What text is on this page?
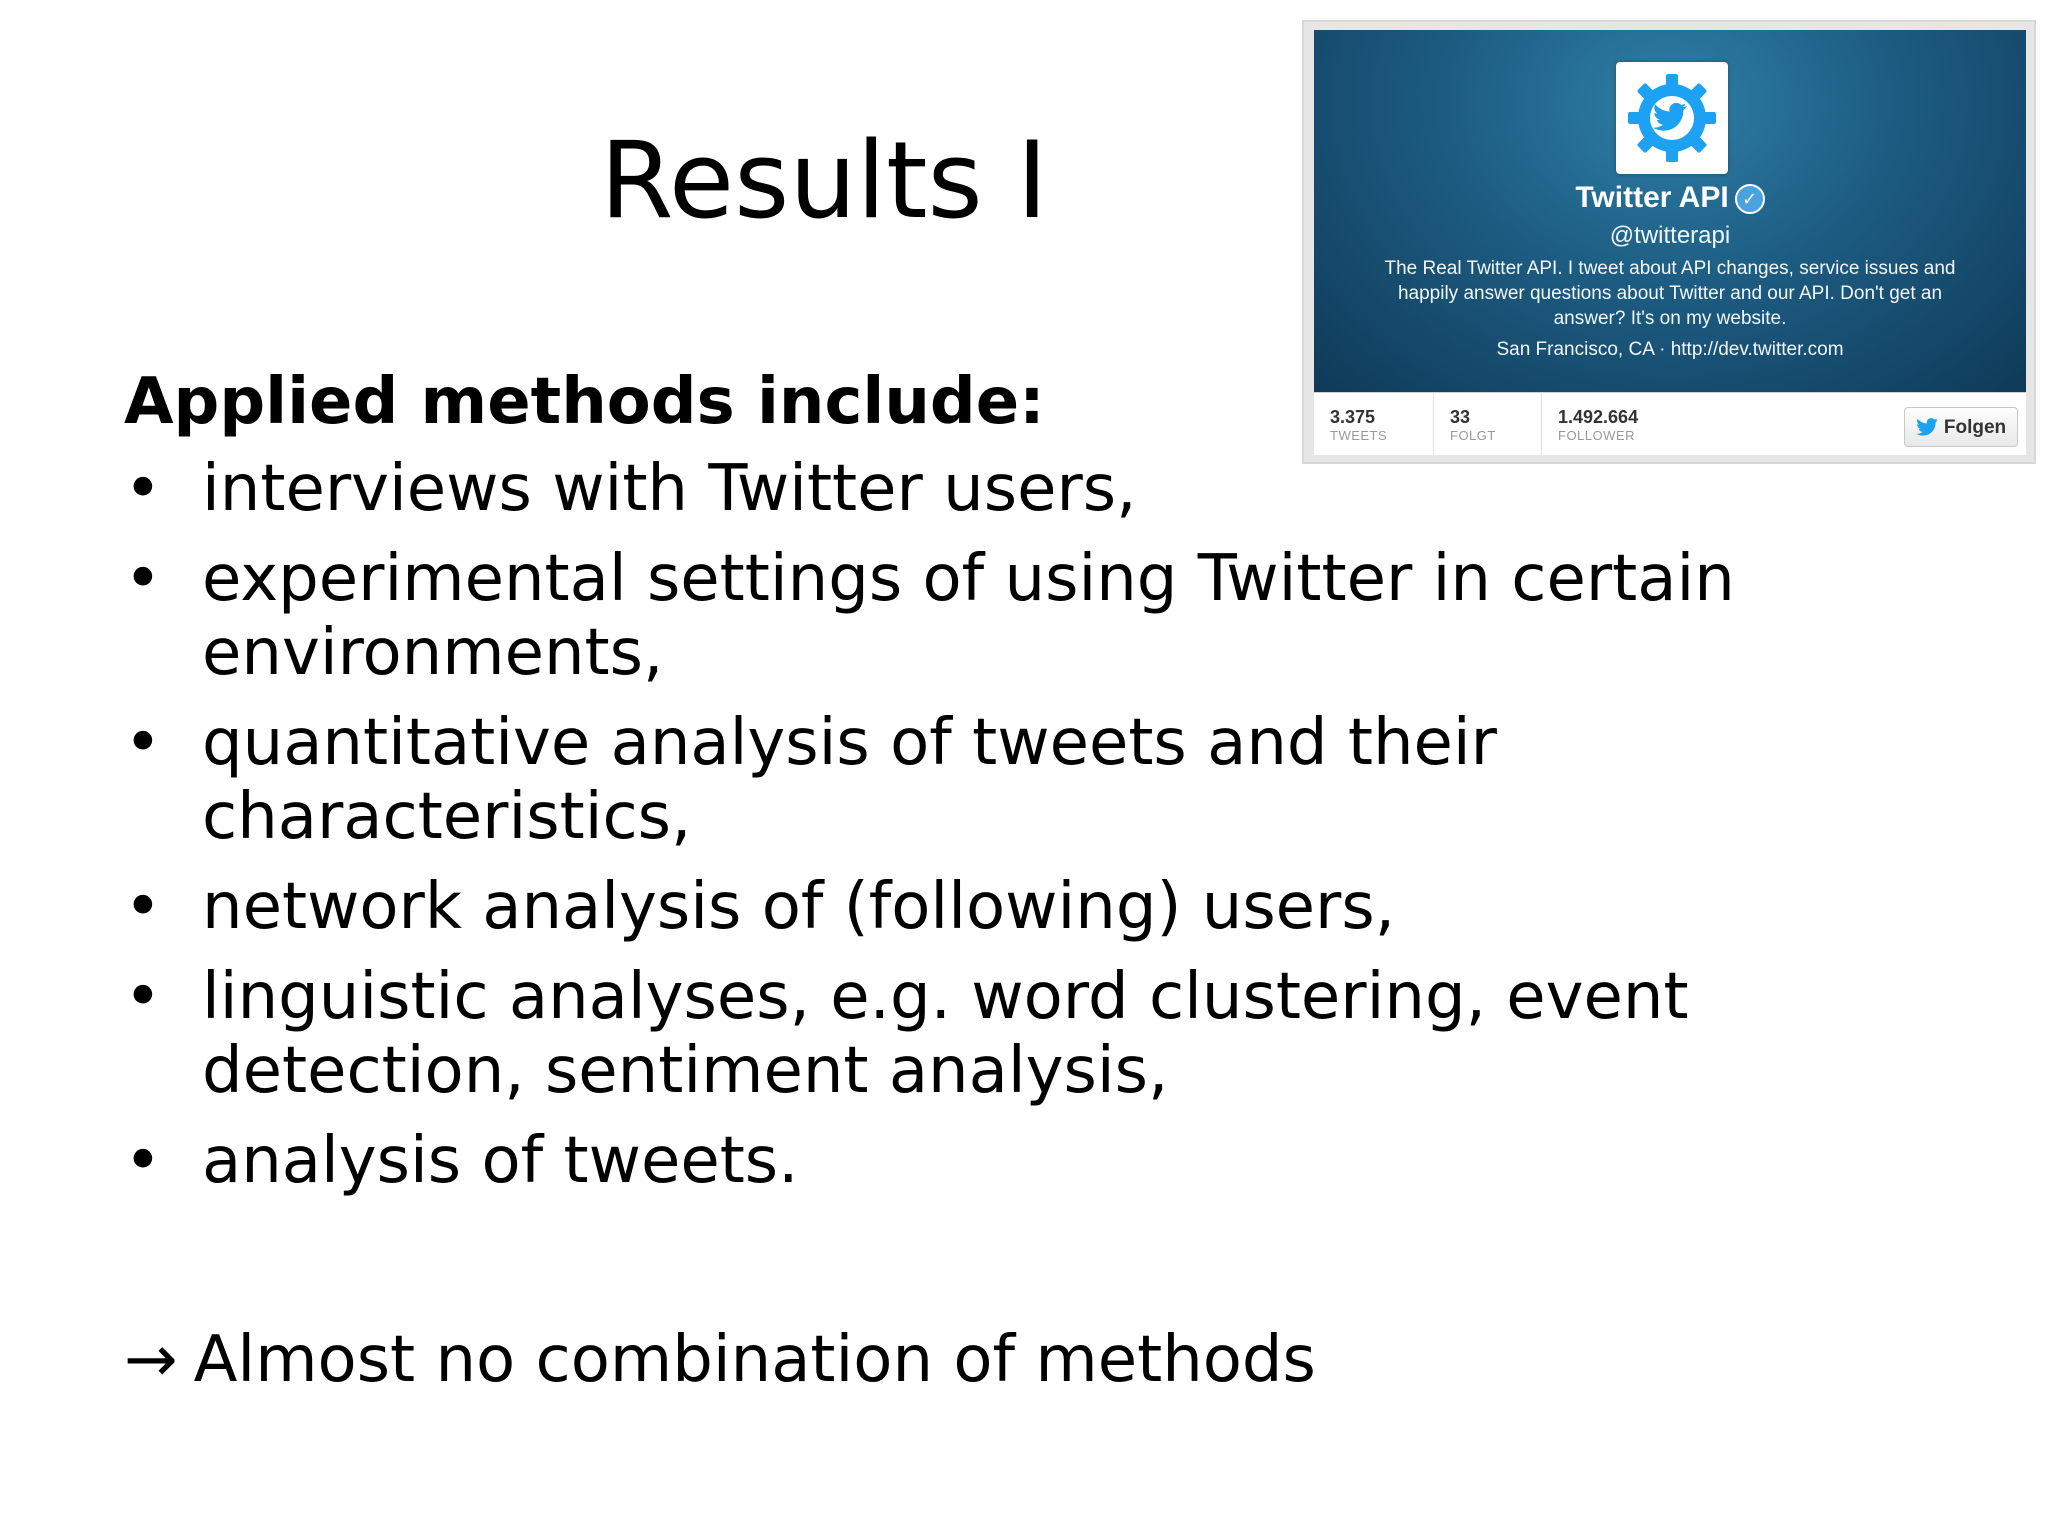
Results I	Twitter API ✓
@twitterapi
The Real Twitter API. I tweet about API changes, service issues and happily answer questions about Twitter and our API. Don't get an answer? It's on my website.
San Francisco, CA · http://dev.twitter.com
3.375
TWEETS
33
FOLGT
1.492.664
FOLLOWER	Folgen
Applied methods include:
• interviews with Twitter users,
• experimental settings of using Twitter in certain environments,
• quantitative analysis of tweets and their characteristics,
• network analysis of (following) users,
• linguistic analyses, e.g. word clustering, event detection, sentiment analysis,
• analysis of tweets.
→ Almost no combination of methods
